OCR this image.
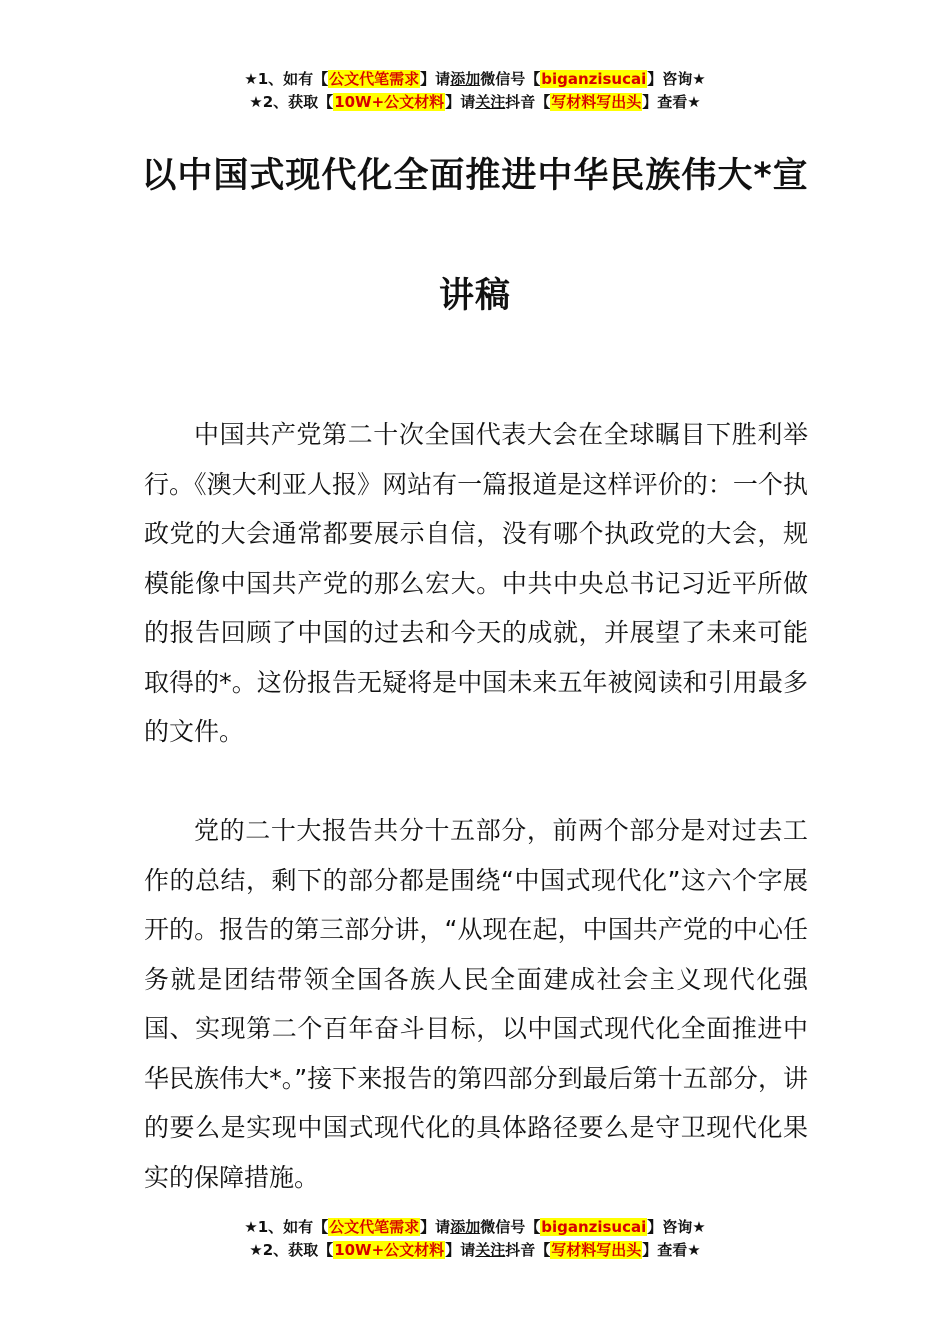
★1、如有【公文代笔需求】请添加微信号【biganzisucai】咨询★
★2、获取【10W+公文材料】请关注抖音【写材料写出头】查看★
以中国式现代化全面推进中华民族伟大*宣
讲稿

中国共产党第二十次全国代表大会在全球瞩目下胜利举行。《澳大利亚人报》网站有一篇报道是这样评价的：一个执政党的大会通常都要展示自信，没有哪个执政党的大会，规模能像中国共产党的那么宏大。中共中央总书记习近平所做的报告回顾了中国的过去和今天的成就，并展望了未来可能取得的*。这份报告无疑将是中国未来五年被阅读和引用最多的文件。

党的二十大报告共分十五部分，前两个部分是对过去工作的总结，剩下的部分都是围绕“中国式现代化”这六个字展开的。报告的第三部分讲，“从现在起，中国共产党的中心任务就是团结带领全国各族人民全面建成社会主义现代化强国、实现第二个百年奋斗目标，以中国式现代化全面推进中华民族伟大*。”接下来报告的第四部分到最后第十五部分，讲的要么是实现中国式现代化的具体路径要么是守卫现代化果实的保障措施。

★1、如有【公文代笔需求】请添加微信号【biganzisucai】咨询★
★2、获取【10W+公文材料】请关注抖音【写材料写出头】查看★
